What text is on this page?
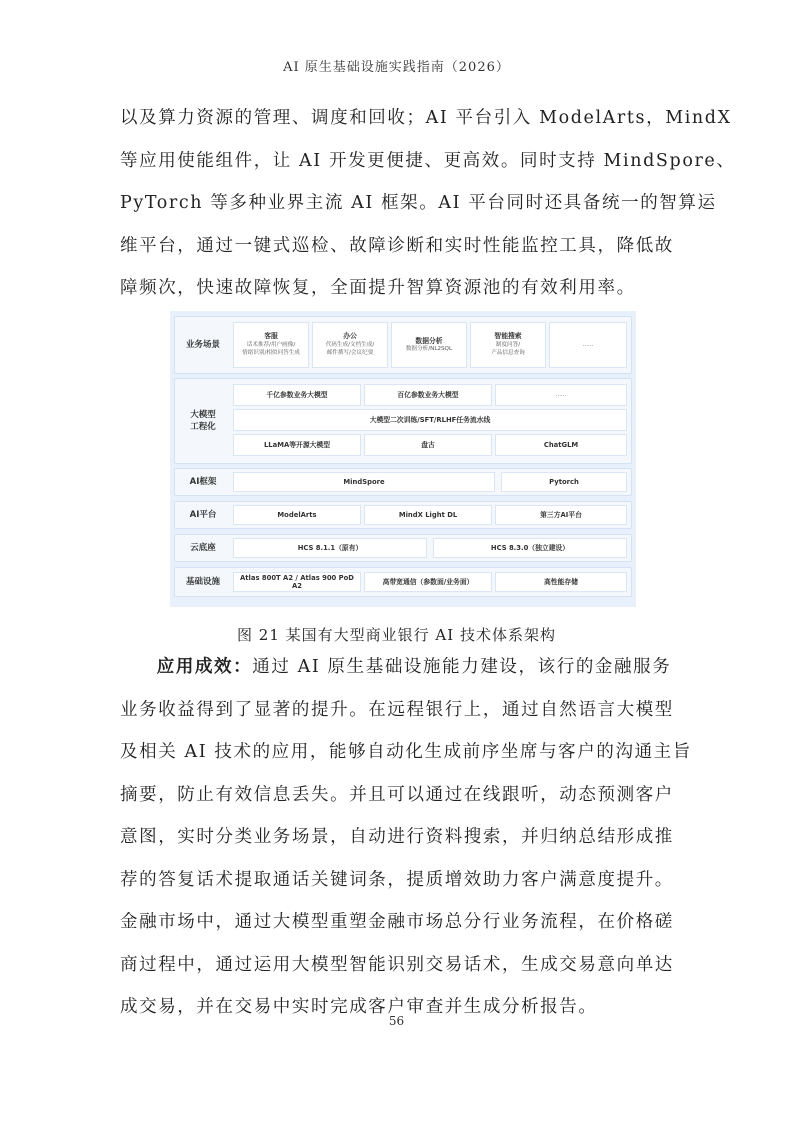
AI 原生基础设施实践指南（2026）

以及算力资源的管理、调度和回收；AI 平台引入 ModelArts，MindX
等应用使能组件，让 AI 开发更便捷、更高效。同时支持 MindSpore、
PyTorch 等多种业界主流 AI 框架。AI 平台同时还具备统一的智算运
维平台，通过一键式巡检、故障诊断和实时性能监控工具，降低故
障频次，快速故障恢复，全面提升智算资源池的有效利用率。

业务场景
客服
话术推荐/用户画像/
情绪识别/相似问答生成
办公
代码生成/文档生成/
邮件撰写/会议纪要
数据分析
数据分析/NL2SQL
智能搜索
制度问答/
产品信息查询
......
大模型
工程化
千亿参数业务大模型	百亿参数业务大模型	......
大模型二次训练/SFT/RLHF任务流水线
LLaMA等开源大模型	盘古	ChatGLM
AI框架	MindSpore	Pytorch
AI平台	ModelArts	MindX Light DL	第三方AI平台
云底座	HCS 8.1.1（原有）	HCS 8.3.0（独立建设）
基础设施	Atlas 800T A2 / Atlas 900 PoD A2
高带宽通信（参数面/业务面）	高性能存储
图 21 某国有大型商业银行 AI 技术体系架构

应用成效：通过 AI 原生基础设施能力建设，该行的金融服务
业务收益得到了显著的提升。在远程银行上，通过自然语言大模型
及相关 AI 技术的应用，能够自动化生成前序坐席与客户的沟通主旨
摘要，防止有效信息丢失。并且可以通过在线跟听，动态预测客户
意图，实时分类业务场景，自动进行资料搜索，并归纳总结形成推
荐的答复话术提取通话关键词条，提质增效助力客户满意度提升。
金融市场中，通过大模型重塑金融市场总分行业务流程，在价格磋
商过程中，通过运用大模型智能识别交易话术，生成交易意向单达
成交易，并在交易中实时完成客户审查并生成分析报告。

56
